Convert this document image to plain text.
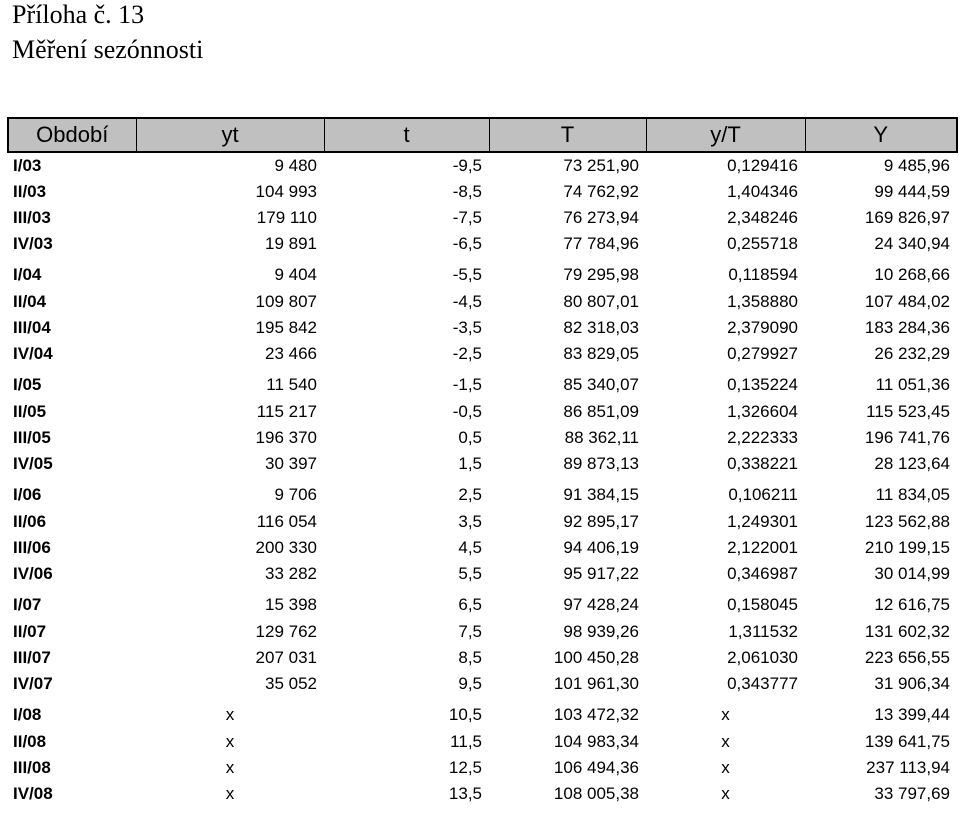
Příloha č. 13
Měření sezónnosti
Období	yt	t	T	y/T	Y
I/03	9 480	-9,5	73 251,90	0,129416	9 485,96
II/03	104 993	-8,5	74 762,92	1,404346	99 444,59
III/03	179 110	-7,5	76 273,94	2,348246	169 826,97
IV/03	19 891	-6,5	77 784,96	0,255718	24 340,94
I/04	9 404	-5,5	79 295,98	0,118594	10 268,66
II/04	109 807	-4,5	80 807,01	1,358880	107 484,02
III/04	195 842	-3,5	82 318,03	2,379090	183 284,36
IV/04	23 466	-2,5	83 829,05	0,279927	26 232,29
I/05	11 540	-1,5	85 340,07	0,135224	11 051,36
II/05	115 217	-0,5	86 851,09	1,326604	115 523,45
III/05	196 370	0,5	88 362,11	2,222333	196 741,76
IV/05	30 397	1,5	89 873,13	0,338221	28 123,64
I/06	9 706	2,5	91 384,15	0,106211	11 834,05
II/06	116 054	3,5	92 895,17	1,249301	123 562,88
III/06	200 330	4,5	94 406,19	2,122001	210 199,15
IV/06	33 282	5,5	95 917,22	0,346987	30 014,99
I/07	15 398	6,5	97 428,24	0,158045	12 616,75
II/07	129 762	7,5	98 939,26	1,311532	131 602,32
III/07	207 031	8,5	100 450,28	2,061030	223 656,55
IV/07	35 052	9,5	101 961,30	0,343777	31 906,34
I/08	x	10,5	103 472,32	x	13 399,44
II/08	x	11,5	104 983,34	x	139 641,75
III/08	x	12,5	106 494,36	x	237 113,94
IV/08	x	13,5	108 005,38	x	33 797,69
